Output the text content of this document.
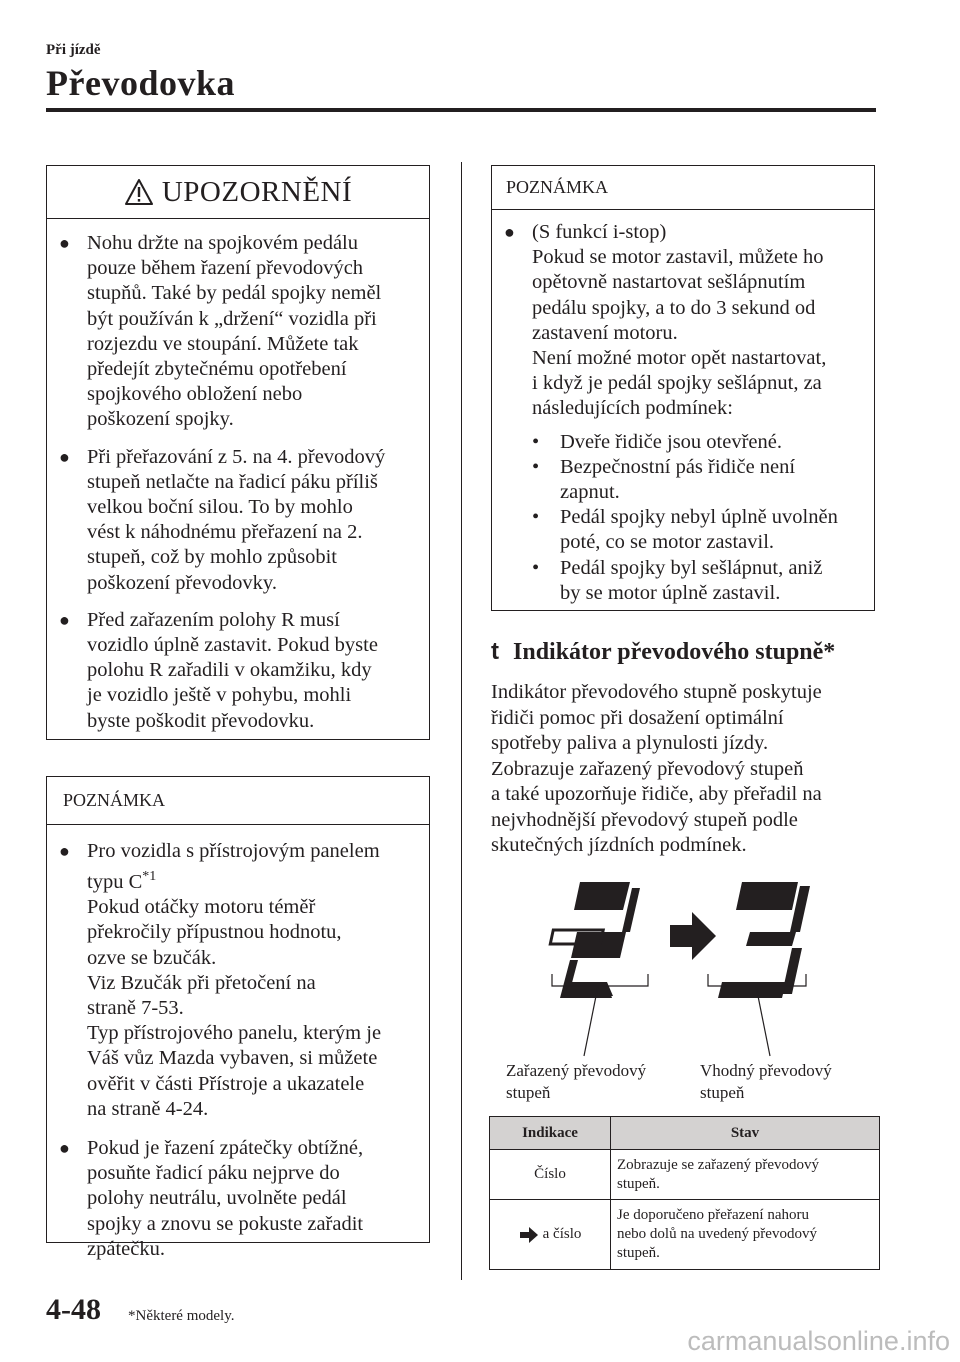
Při jízdě
Převodovka
UPOZORNĚNÍ
● Nohu držte na spojkovém pedálu
pouze během řazení převodových
stupňů. Také by pedál spojky neměl
být používán k „držení“ vozidla při
rozjezdu ve stoupání. Můžete tak
předejít zbytečnému opotřebení
spojkového obložení nebo
poškození spojky.
● Při přeřazování z 5. na 4. převodový
stupeň netlačte na řadicí páku příliš
velkou boční silou. To by mohlo
vést k náhodnému přeřazení na 2.
stupeň, což by mohlo způsobit
poškození převodovky.
● Před zařazením polohy R musí
vozidlo úplně zastavit. Pokud byste
polohu R zařadili v okamžiku, kdy
je vozidlo ještě v pohybu, mohli
byste poškodit převodovku.
POZNÁMKA
● Pro vozidla s přístrojovým panelem
typu $C^{*1}$
Pokud otáčky motoru téměř
překročily přípustnou hodnotu,
ozve se bzučák.
Viz Bzučák při přetočení na
straně 7-53.
Typ přístrojového panelu, kterým je
Váš vůz Mazda vybaven, si můžete
ověřit v části Přístroje a ukazatele
na straně 4-24.
● Pokud je řazení zpátečky obtížné,
posuňte řadicí páku nejprve do
polohy neutrálu, uvolněte pedál
spojky a znovu se pokuste zařadit
zpátečku.
POZNÁMKA
● (S funkcí i-stop)
Pokud se motor zastavil, můžete ho
opětovně nastartovat sešlápnutím
pedálu spojky, a to do 3 sekund od
zastavení motoru.
Není možné motor opět nastartovat,
i když je pedál spojky sešlápnut, za
následujících podmínek:
• Dveře řidiče jsou otevřené.
• Bezpečnostní pás řidiče není
zapnut.
• Pedál spojky nebyl úplně uvolněn
poté, co se motor zastavil.
• Pedál spojky byl sešlápnut, aniž
by se motor úplně zastavil.
t Indikátor převodového stupně*
Indikátor převodového stupně poskytuje
řidiči pomoc při dosažení optimální
spotřeby paliva a plynulosti jízdy.
Zobrazuje zařazený převodový stupeň
a také upozorňuje řidiče, aby přeřadil na
nejvhodnější převodový stupeň podle
skutečných jízdních podmínek.
Zařazený převodový
stupeň
Vhodný převodový
stupeň
Indikace	Stav
Číslo	Zobrazuje se zařazený převodový
stupeň.

a číslo	Je doporučeno přeřazení nahoru
nebo dolů na uvedený převodový
stupeň.
4-48 *Některé modely.
carmanualsonline.info
